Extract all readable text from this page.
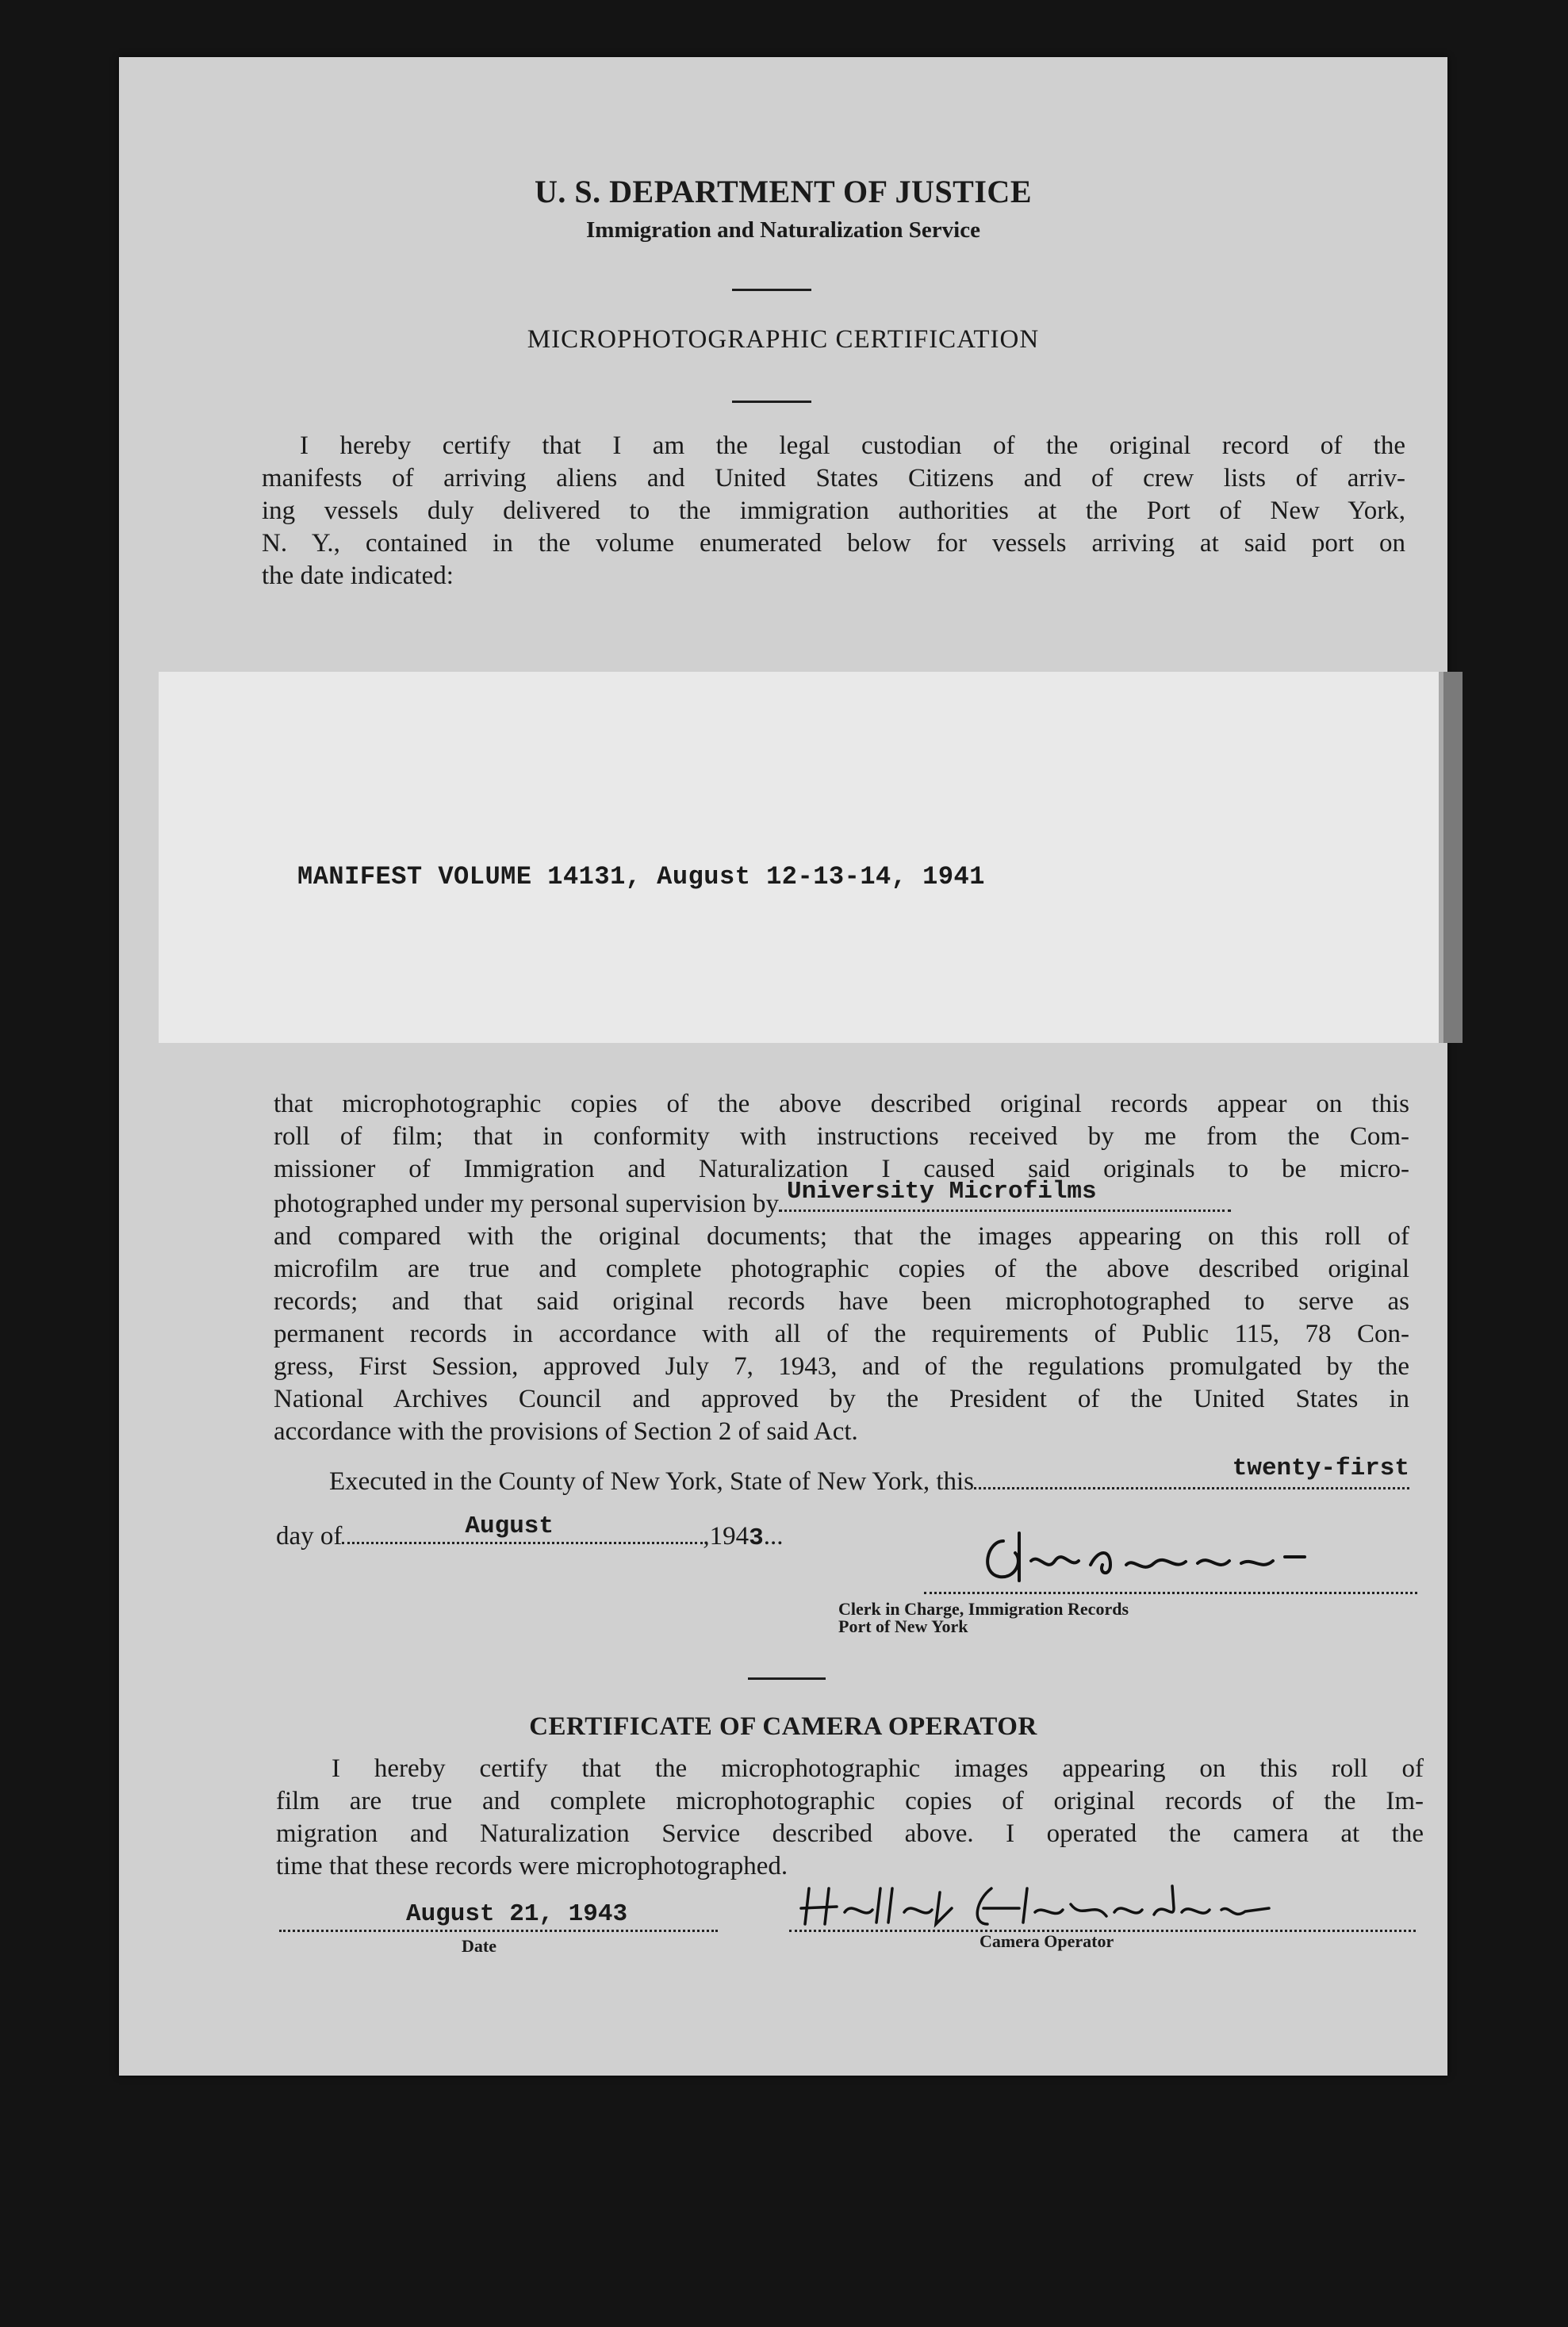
U. S. DEPARTMENT OF JUSTICE
Immigration and Naturalization Service
MICROPHOTOGRAPHIC CERTIFICATION
I hereby certify that I am the legal custodian of the original record of the
manifests of arriving aliens and United States Citizens and of crew lists of arriv-
ing vessels duly delivered to the immigration authorities at the Port of New York,
N. Y., contained in the volume enumerated below for vessels arriving at said port on
the date indicated:
MANIFEST VOLUME 14131, August 12-13-14, 1941
that microphotographic copies of the above described original records appear on this
roll of film; that in conformity with instructions received by me from the Com-
missioner of Immigration and Naturalization I caused said originals to be micro-
photographed under my personal supervision by University Microfilms
and compared with the original documents; that the images appearing on this roll of
microfilm are true and complete photographic copies of the above described original
records; and that said original records have been microphotographed to serve as
permanent records in accordance with all of the requirements of Public 115, 78 Con-
gress, First Session, approved July 7, 1943, and of the regulations promulgated by the
National Archives Council and approved by the President of the United States in
accordance with the provisions of Section 2 of said Act.
Executed in the County of New York, State of New York, this	twenty-first
day of	August	, 194 3 ...
Clerk in Charge, Immigration Records
Port of New York
CERTIFICATE OF CAMERA OPERATOR
I hereby certify that the microphotographic images appearing on this roll of
film are true and complete microphotographic copies of original records of the Im-
migration and Naturalization Service described above. I operated the camera at the
time that these records were microphotographed.
August 21, 1943
Date	Camera Operator
